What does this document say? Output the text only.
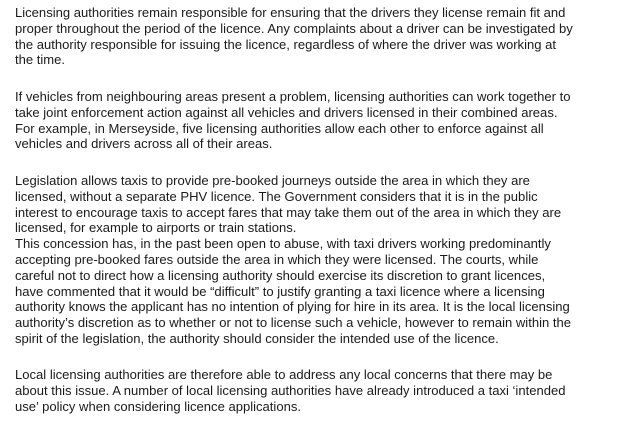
Licensing authorities remain responsible for ensuring that the drivers they license remain fit and
proper throughout the period of the licence. Any complaints about a driver can be investigated by
the authority responsible for issuing the licence, regardless of where the driver was working at
the time.

If vehicles from neighbouring areas present a problem, licensing authorities can work together to
take joint enforcement action against all vehicles and drivers licensed in their combined areas.
For example, in Merseyside, five licensing authorities allow each other to enforce against all
vehicles and drivers across all of their areas.

Legislation allows taxis to provide pre-booked journeys outside the area in which they are
licensed, without a separate PHV licence. The Government considers that it is in the public
interest to encourage taxis to accept fares that may take them out of the area in which they are
licensed, for example to airports or train stations.
This concession has, in the past been open to abuse, with taxi drivers working predominantly
accepting pre-booked fares outside the area in which they were licensed. The courts, while
careful not to direct how a licensing authority should exercise its discretion to grant licences,
have commented that it would be “difficult” to justify granting a taxi licence where a licensing
authority knows the applicant has no intention of plying for hire in its area. It is the local licensing
authority’s discretion as to whether or not to license such a vehicle, however to remain within the
spirit of the legislation, the authority should consider the intended use of the licence.

Local licensing authorities are therefore able to address any local concerns that there may be
about this issue. A number of local licensing authorities have already introduced a taxi ‘intended
use’ policy when considering licence applications.
